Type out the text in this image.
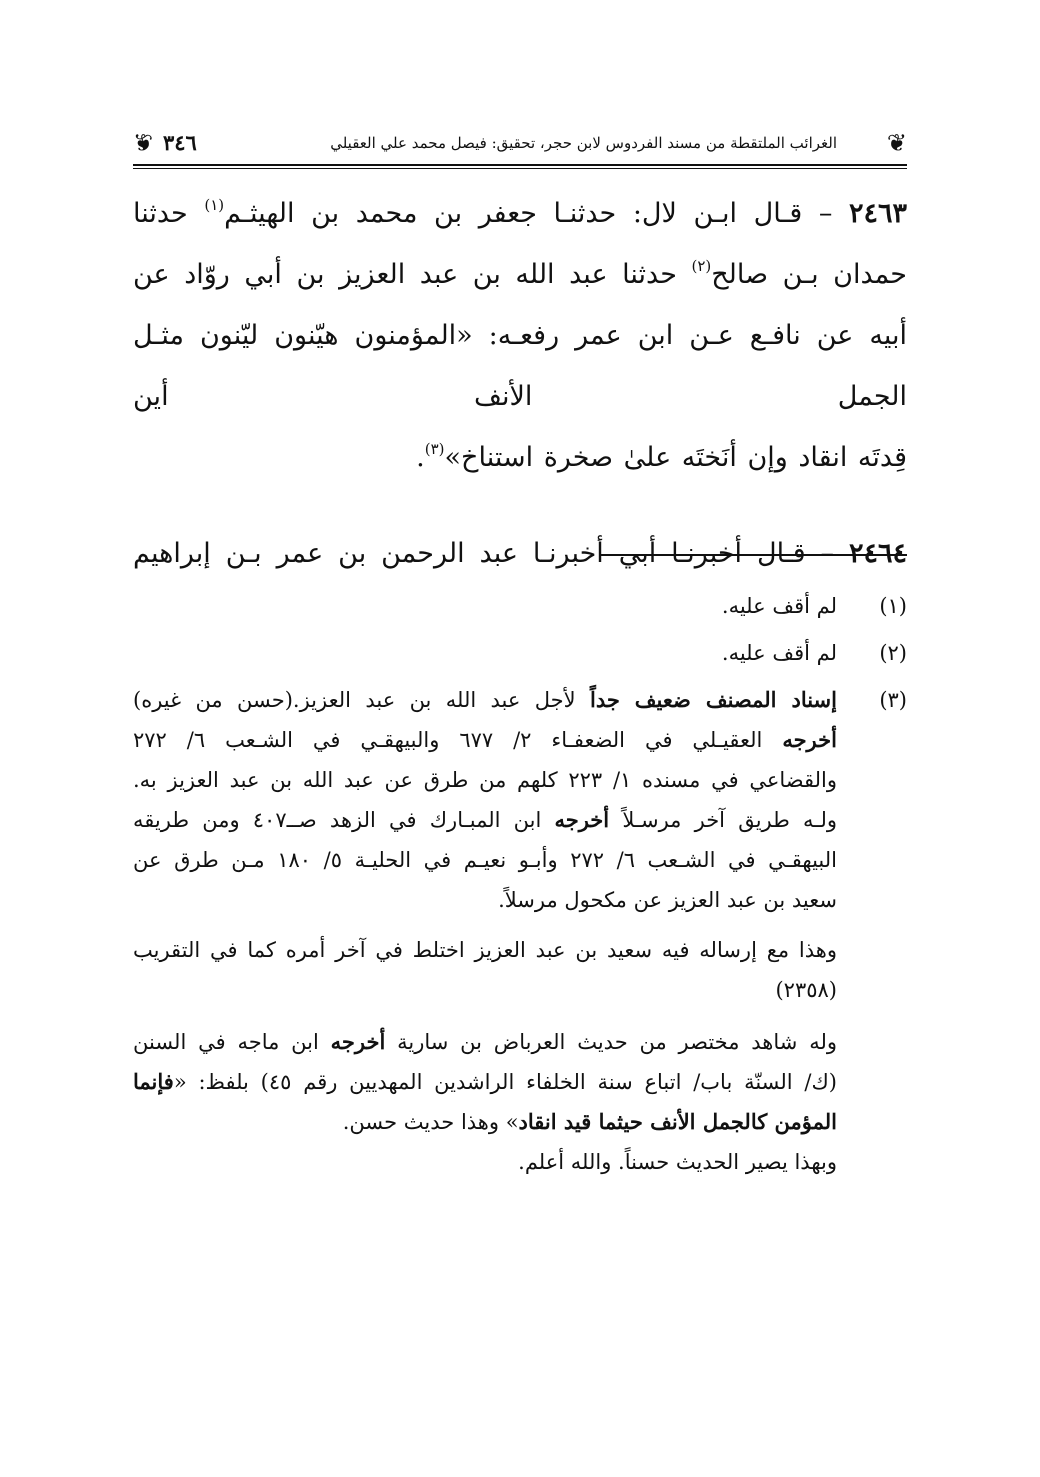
❦
الغرائب الملتقطة من مسند الفردوس لابن حجر، تحقيق: فيصل محمد علي العقيلي
٣٤٦
❦

٢٤٦٣ – قـال ابـن لال: حدثنـا جعفر بن محمد بن الهيثـم$^{(١)}$ حدثنا حمدان بـن صالح$^{(٢)}$ حدثنا عبد الله بن عبد العزيز بن أبي روّاد عن أبيه عن نافـع عـن ابن عمر رفعـه: «المؤمنون هيّنون ليّنون مثـل الجمل الأنف أين
قِدتَه انقاد وإن أنَختَه علىٰ صخرة استناخ»$^{(٣)}$.

٢٤٦٤ – قـال أخبرنـا أبي أخبرنـا عبد الرحمن بن عمر بـن إبراهيم

(١)
لم أقف عليه.
(٢)
لم أقف عليه.
(٣)
إسناد المصنف ضعيف جداً لأجل عبد الله بن عبد العزيز.(حسن من غيره)
أخرجه العقيـلي في الضعفـاء ٢/ ٦٧٧ والبيهقـي في الشـعب ٦/ ٢٧٢
والقضاعي في مسنده ١/ ٢٢٣ كلهم من طرق عن عبد الله بن عبد العزيز به.
ولـه طريق آخر مرسـلاً أخرجه ابن المبـارك في الزهد صــ٤٠٧ ومن طريقه
البيهقـي في الشـعب ٦/ ٢٧٢ وأبـو نعيـم في الحليـة ٥/ ١٨٠ مـن طرق عن
سعيد بن عبد العزيز عن مكحول مرسلاً.
وهذا مع إرساله فيه سعيد بن عبد العزيز اختلط في آخر أمره كما في التقريب
(٢٣٥٨)
وله شاهد مختصر من حديث العرباض بن سارية أخرجه ابن ماجه في السنن
(ك/ السنّة باب/ اتباع سنة الخلفاء الراشدين المهديين رقم ٤٥) بلفظ: «فإنما
المؤمن كالجمل الأنف حيثما قيد انقاد» وهذا حديث حسن.
وبهذا يصير الحديث حسناً. والله أعلم.
